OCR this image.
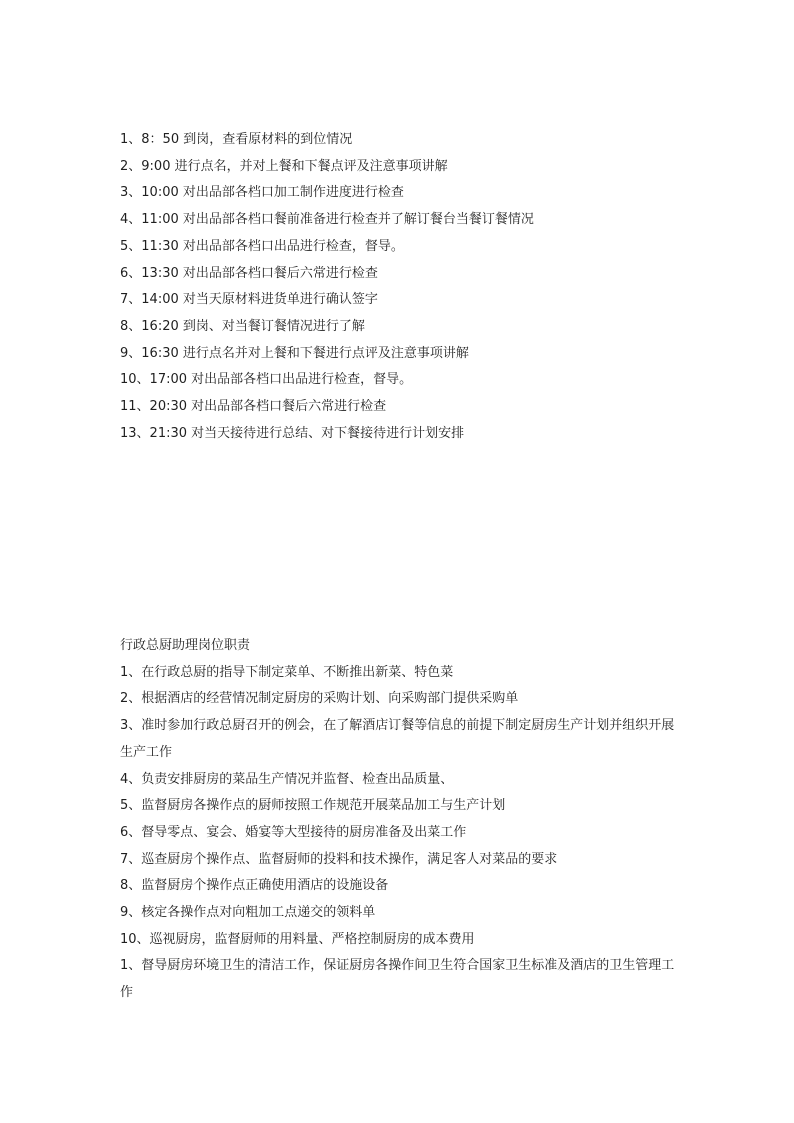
1、8：50 到岗，查看原材料的到位情况
2、9:00 进行点名，并对上餐和下餐点评及注意事项讲解
3、10:00 对出品部各档口加工制作进度进行检查
4、11:00 对出品部各档口餐前准备进行检查并了解订餐台当餐订餐情况
5、11:30 对出品部各档口出品进行检查，督导。
6、13:30 对出品部各档口餐后六常进行检查
7、14:00 对当天原材料进货单进行确认签字
8、16:20 到岗、对当餐订餐情况进行了解
9、16:30 进行点名并对上餐和下餐进行点评及注意事项讲解
10、17:00 对出品部各档口出品进行检查，督导。
11、20:30 对出品部各档口餐后六常进行检查
13、21:30 对当天接待进行总结、对下餐接待进行计划安排
行政总厨助理岗位职责
1、在行政总厨的指导下制定菜单、不断推出新菜、特色菜
2、根据酒店的经营情况制定厨房的采购计划、向采购部门提供采购单
3、准时参加行政总厨召开的例会，在了解酒店订餐等信息的前提下制定厨房生产计划并组织开展生产工作
4、负责安排厨房的菜品生产情况并监督、检查出品质量、
5、监督厨房各操作点的厨师按照工作规范开展菜品加工与生产计划
6、督导零点、宴会、婚宴等大型接待的厨房准备及出菜工作
7、巡查厨房个操作点、监督厨师的投料和技术操作，满足客人对菜品的要求
8、监督厨房个操作点正确使用酒店的设施设备
9、核定各操作点对向粗加工点递交的领料单
10、巡视厨房，监督厨师的用料量、严格控制厨房的成本费用
1、督导厨房环境卫生的清洁工作，保证厨房各操作间卫生符合国家卫生标准及酒店的卫生管理工作
